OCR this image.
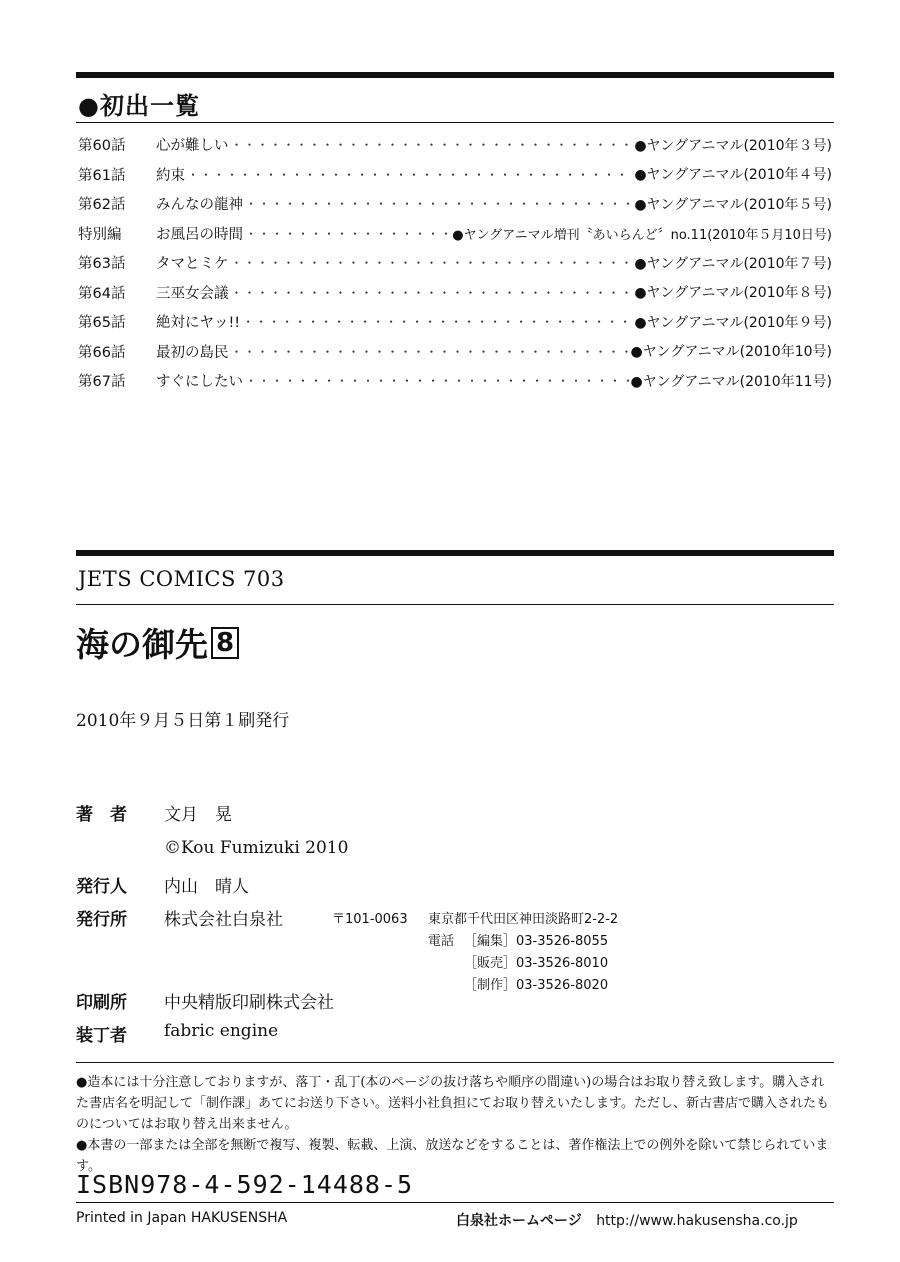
●初出一覧
第60話	心が難しい ・・・・・・・・・・・・・・・・・・・・・・・・・・・・・・・・・・・・・・・・・・・・・・・・・・・・・・・・・・・・・・・・・・・・・	●ヤングアニマル(2010年３号)
第61話	約束 ・・・・・・・・・・・・・・・・・・・・・・・・・・・・・・・・・・・・・・・・・・・・・・・・・・・・・・・・・・・・・・・・・・・・・	●ヤングアニマル(2010年４号)
第62話	みんなの龍神 ・・・・・・・・・・・・・・・・・・・・・・・・・・・・・・・・・・・・・・・・・・・・・・・・・・・・・・・・・・・・・・・・・・・・・	●ヤングアニマル(2010年５号)
特別編	お風呂の時間 ・・・・・・・・・・・・・・・・・・・・・・・・・・・・・・・・・・・・・・・・・・・・・・・・・・・・・・・・・・・・・・・・・・・・・	●ヤングアニマル増刊〝あいらんど〞no.11(2010年５月10日号)
第63話	タマとミケ ・・・・・・・・・・・・・・・・・・・・・・・・・・・・・・・・・・・・・・・・・・・・・・・・・・・・・・・・・・・・・・・・・・・・・	●ヤングアニマル(2010年７号)
第64話	三巫女会議 ・・・・・・・・・・・・・・・・・・・・・・・・・・・・・・・・・・・・・・・・・・・・・・・・・・・・・・・・・・・・・・・・・・・・・	●ヤングアニマル(2010年８号)
第65話	絶対にヤッ!! ・・・・・・・・・・・・・・・・・・・・・・・・・・・・・・・・・・・・・・・・・・・・・・・・・・・・・・・・・・・・・・・・・・・・・	●ヤングアニマル(2010年９号)
第66話	最初の島民 ・・・・・・・・・・・・・・・・・・・・・・・・・・・・・・・・・・・・・・・・・・・・・・・・・・・・・・・・・・・・・・・・・・・・・	●ヤングアニマル(2010年10号)
第67話	すぐにしたい ・・・・・・・・・・・・・・・・・・・・・・・・・・・・・・・・・・・・・・・・・・・・・・・・・・・・・・・・・・・・・・・・・・・・・	●ヤングアニマル(2010年11号)
JETS COMICS 703
海の御先 8
2010年９月５日第１刷発行
著　者	文月　晃
©Kou Fumizuki 2010
発行人	内山　晴人
発行所	株式会社白泉社	〒101-0063 東京都千代田区神田淡路町2-2-2
電話 ［編集］03-3526-8055
［販売］03-3526-8010
［制作］03-3526-8020
印刷所	中央精版印刷株式会社
装丁者	fabric engine
●造本には十分注意しておりますが、落丁・乱丁(本のページの抜け落ちや順序の間違い)の場合はお取り替え致します。購入された書店名を明記して「制作課」あてにお送り下さい。送料小社負担にてお取り替えいたします。ただし、新古書店で購入されたものについてはお取り替え出来ません。
●本書の一部または全部を無断で複写、複製、転載、上演、放送などをすることは、著作権法上での例外を除いて禁じられています。
ISBN978-4-592-14488-5
Printed in Japan HAKUSENSHA	白泉社ホームページ http://www.hakusensha.co.jp
